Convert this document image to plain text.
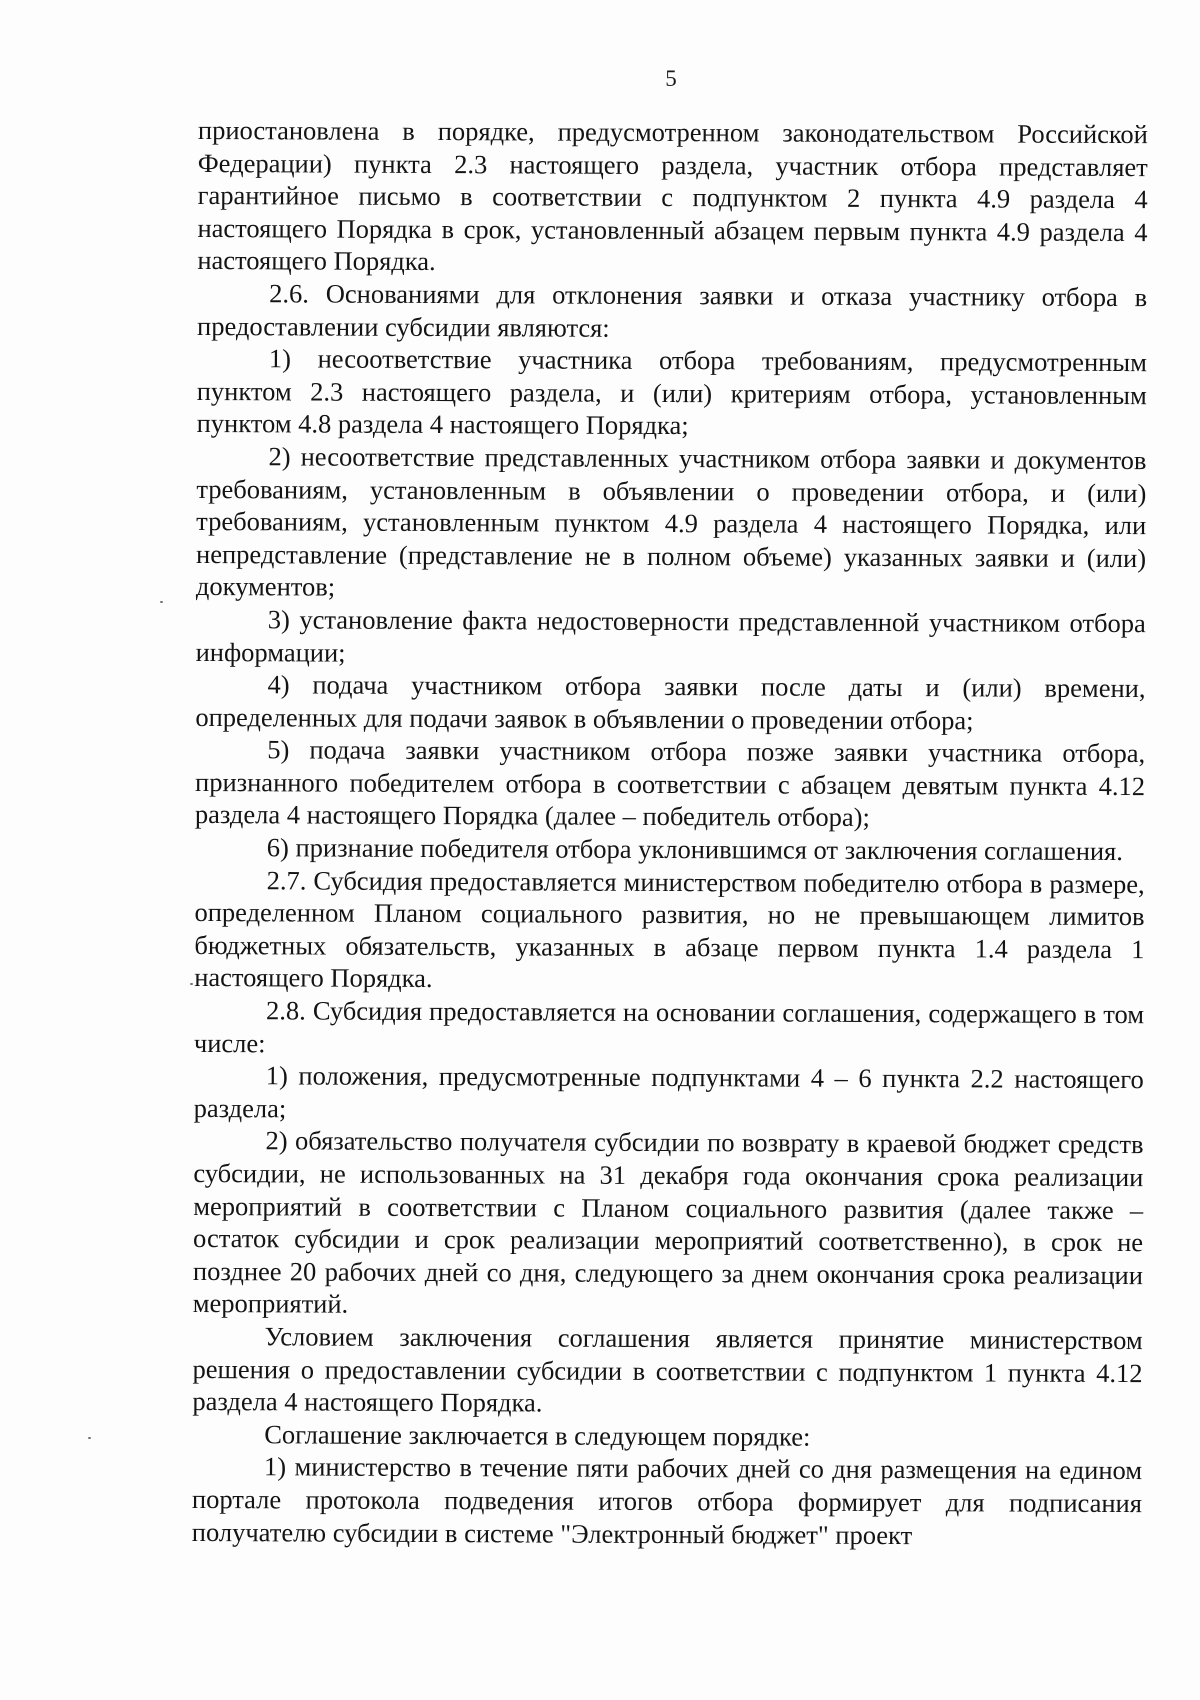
5

приостановлена в порядке, предусмотренном законодательством Российской Федерации) пункта 2.3 настоящего раздела, участник отбора представляет гарантийное письмо в соответствии с подпунктом 2 пункта 4.9 раздела 4 настоящего Порядка в срок, установленный абзацем первым пункта 4.9 раздела 4 настоящего Порядка.

2.6. Основаниями для отклонения заявки и отказа участнику отбора в предоставлении субсидии являются:

1) несоответствие участника отбора требованиям, предусмотренным пунктом 2.3 настоящего раздела, и (или) критериям отбора, установленным пунктом 4.8 раздела 4 настоящего Порядка;

2) несоответствие представленных участником отбора заявки и документов требованиям, установленным в объявлении о проведении отбора, и (или) требованиям, установленным пунктом 4.9 раздела 4 настоящего Порядка, или непредставление (представление не в полном объеме) указанных заявки и (или) документов;

3) установление факта недостоверности представленной участником отбора информации;

4) подача участником отбора заявки после даты и (или) времени, определенных для подачи заявок в объявлении о проведении отбора;

5) подача заявки участником отбора позже заявки участника отбора, признанного победителем отбора в соответствии с абзацем девятым пункта 4.12 раздела 4 настоящего Порядка (далее – победитель отбора);

6) признание победителя отбора уклонившимся от заключения соглашения.

2.7. Субсидия предоставляется министерством победителю отбора в размере, определенном Планом социального развития, но не превышающем лимитов бюджетных обязательств, указанных в абзаце первом пункта 1.4 раздела 1 настоящего Порядка.

2.8. Субсидия предоставляется на основании соглашения, содержащего в том числе:

1) положения, предусмотренные подпунктами 4 – 6 пункта 2.2 настоящего раздела;

2) обязательство получателя субсидии по возврату в краевой бюджет средств субсидии, не использованных на 31 декабря года окончания срока реализации мероприятий в соответствии с Планом социального развития (далее также – остаток субсидии и срок реализации мероприятий соответственно), в срок не позднее 20 рабочих дней со дня, следующего за днем окончания срока реализации мероприятий.

Условием заключения соглашения является принятие министерством решения о предоставлении субсидии в соответствии с подпунктом 1 пункта 4.12 раздела 4 настоящего Порядка.

Соглашение заключается в следующем порядке:

1) министерство в течение пяти рабочих дней со дня размещения на едином портале протокола подведения итогов отбора формирует для подписания получателю субсидии в системе "Электронный бюджет" проект
